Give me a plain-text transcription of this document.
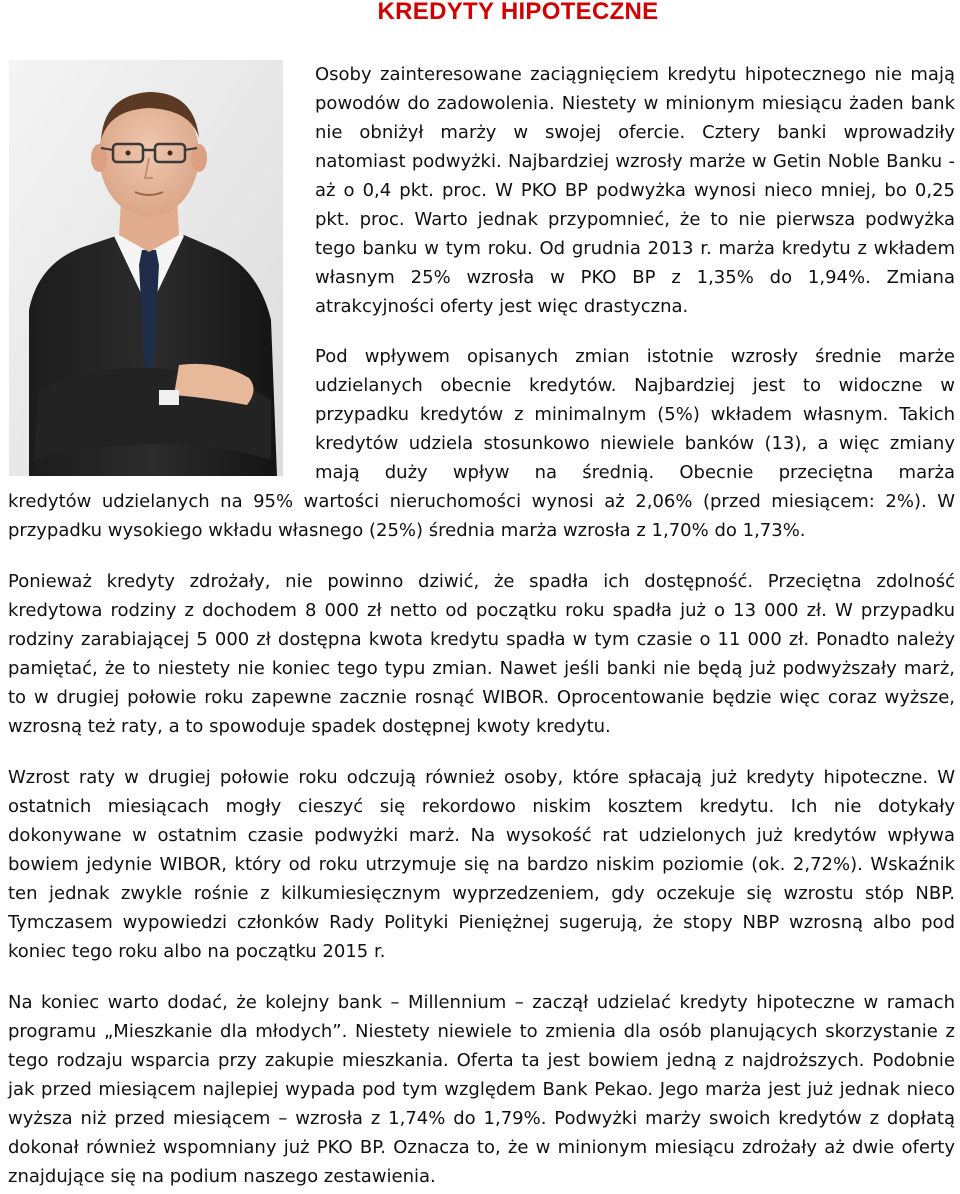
KREDYTY HIPOTECZNE

Osoby zainteresowane zaciągnięciem kredytu hipotecznego nie mają powodów do zadowolenia. Niestety w minionym miesiącu żaden bank nie obniżył marży w swojej ofercie. Cztery banki wprowadziły natomiast podwyżki. Najbardziej wzrosły marże w Getin Noble Banku - aż o 0,4 pkt. proc. W PKO BP podwyżka wynosi nieco mniej, bo 0,25 pkt. proc. Warto jednak przypomnieć, że to nie pierwsza podwyżka tego banku w tym roku. Od grudnia 2013 r. marża kredytu z wkładem własnym 25% wzrosła w PKO BP z 1,35% do 1,94%. Zmiana atrakcyjności oferty jest więc drastyczna.

Pod wpływem opisanych zmian istotnie wzrosły średnie marże udzielanych obecnie kredytów. Najbardziej jest to widoczne w przypadku kredytów z minimalnym (5%) wkładem własnym. Takich kredytów udziela stosunkowo niewiele banków (13), a więc zmiany mają duży wpływ na średnią. Obecnie przeciętna marża

kredytów udzielanych na 95% wartości nieruchomości wynosi aż 2,06% (przed miesiącem: 2%). W przypadku wysokiego wkładu własnego (25%) średnia marża wzrosła z 1,70% do 1,73%.

Ponieważ kredyty zdrożały, nie powinno dziwić, że spadła ich dostępność. Przeciętna zdolność kredytowa rodziny z dochodem 8 000 zł netto od początku roku spadła już o 13 000 zł. W przypadku rodziny zarabiającej 5 000 zł dostępna kwota kredytu spadła w tym czasie o 11 000 zł. Ponadto należy pamiętać, że to niestety nie koniec tego typu zmian. Nawet jeśli banki nie będą już podwyższały marż, to w drugiej połowie roku zapewne zacznie rosnąć WIBOR. Oprocentowanie będzie więc coraz wyższe, wzrosną też raty, a to spowoduje spadek dostępnej kwoty kredytu.

Wzrost raty w drugiej połowie roku odczują również osoby, które spłacają już kredyty hipoteczne. W ostatnich miesiącach mogły cieszyć się rekordowo niskim kosztem kredytu. Ich nie dotykały dokonywane w ostatnim czasie podwyżki marż. Na wysokość rat udzielonych już kredytów wpływa bowiem jedynie WIBOR, który od roku utrzymuje się na bardzo niskim poziomie (ok. 2,72%). Wskaźnik ten jednak zwykle rośnie z kilkumiesięcznym wyprzedzeniem, gdy oczekuje się wzrostu stóp NBP. Tymczasem wypowiedzi członków Rady Polityki Pieniężnej sugerują, że stopy NBP wzrosną albo pod koniec tego roku albo na początku 2015 r.

Na koniec warto dodać, że kolejny bank – Millennium – zaczął udzielać kredyty hipoteczne w ramach programu „Mieszkanie dla młodych”. Niestety niewiele to zmienia dla osób planujących skorzystanie z tego rodzaju wsparcia przy zakupie mieszkania. Oferta ta jest bowiem jedną z najdroższych. Podobnie jak przed miesiącem najlepiej wypada pod tym względem Bank Pekao. Jego marża jest już jednak nieco wyższa niż przed miesiącem – wzrosła z 1,74% do 1,79%. Podwyżki marży swoich kredytów z dopłatą dokonał również wspomniany już PKO BP. Oznacza to, że w minionym miesiącu zdrożały aż dwie oferty znajdujące się na podium naszego zestawienia.
